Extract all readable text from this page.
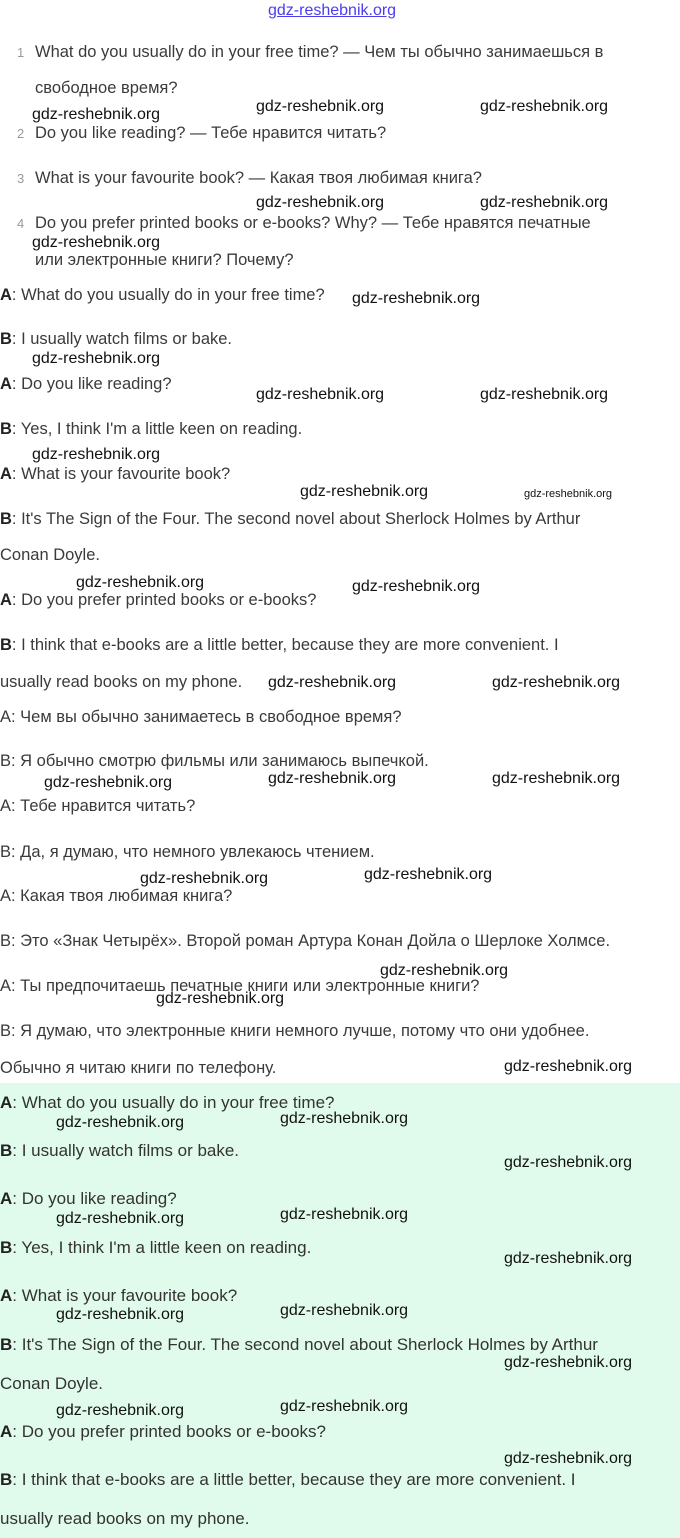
gdz-reshebnik.org
1 What do you usually do in your free time? — Чем ты обычно занимаешься в
свободное время?
2 Do you like reading? — Тебе нравится читать?
3 What is your favourite book? — Какая твоя любимая книга?
4 Do you prefer printed books or e-books? Why? — Тебе нравятся печатные
или электронные книги? Почему?
A: What do you usually do in your free time?
B: I usually watch films or bake.
A: Do you like reading?
B: Yes, I think I'm a little keen on reading.
A: What is your favourite book?
B: It's The Sign of the Four. The second novel about Sherlock Holmes by Arthur
Conan Doyle.
A: Do you prefer printed books or e-books?
B: I think that e-books are a little better, because they are more convenient. I
usually read books on my phone.
A: Чем вы обычно занимаетесь в свободное время?
B: Я обычно смотрю фильмы или занимаюсь выпечкой.
A: Тебе нравится читать?
B: Да, я думаю, что немного увлекаюсь чтением.
A: Какая твоя любимая книга?
B: Это «Знак Четырёх». Второй роман Артура Конан Дойла о Шерлоке Холмсе.
A: Ты предпочитаешь печатные книги или электронные книги?
B: Я думаю, что электронные книги немного лучше, потому что они удобнее.
Обычно я читаю книги по телефону.
A: What do you usually do in your free time?
B: I usually watch films or bake.
A: Do you like reading?
B: Yes, I think I'm a little keen on reading.
A: What is your favourite book?
B: It's The Sign of the Four. The second novel about Sherlock Holmes by Arthur
Conan Doyle.
A: Do you prefer printed books or e-books?
B: I think that e-books are a little better, because they are more convenient. I
usually read books on my phone.
gdz-reshebnik.org	gdz-reshebnik.org	gdz-reshebnik.org
gdz-reshebnik.org	gdz-reshebnik.org
gdz-reshebnik.org
gdz-reshebnik.org
gdz-reshebnik.org
gdz-reshebnik.org	gdz-reshebnik.org
gdz-reshebnik.org
gdz-reshebnik.org	gdz-reshebnik.org
gdz-reshebnik.org	gdz-reshebnik.org
gdz-reshebnik.org	gdz-reshebnik.org
gdz-reshebnik.org	gdz-reshebnik.org	gdz-reshebnik.org
gdz-reshebnik.org	gdz-reshebnik.org
gdz-reshebnik.org
gdz-reshebnik.org
gdz-reshebnik.org
gdz-reshebnik.org	gdz-reshebnik.org
gdz-reshebnik.org
gdz-reshebnik.org	gdz-reshebnik.org
gdz-reshebnik.org
gdz-reshebnik.org	gdz-reshebnik.org
gdz-reshebnik.org
gdz-reshebnik.org	gdz-reshebnik.org
gdz-reshebnik.org
